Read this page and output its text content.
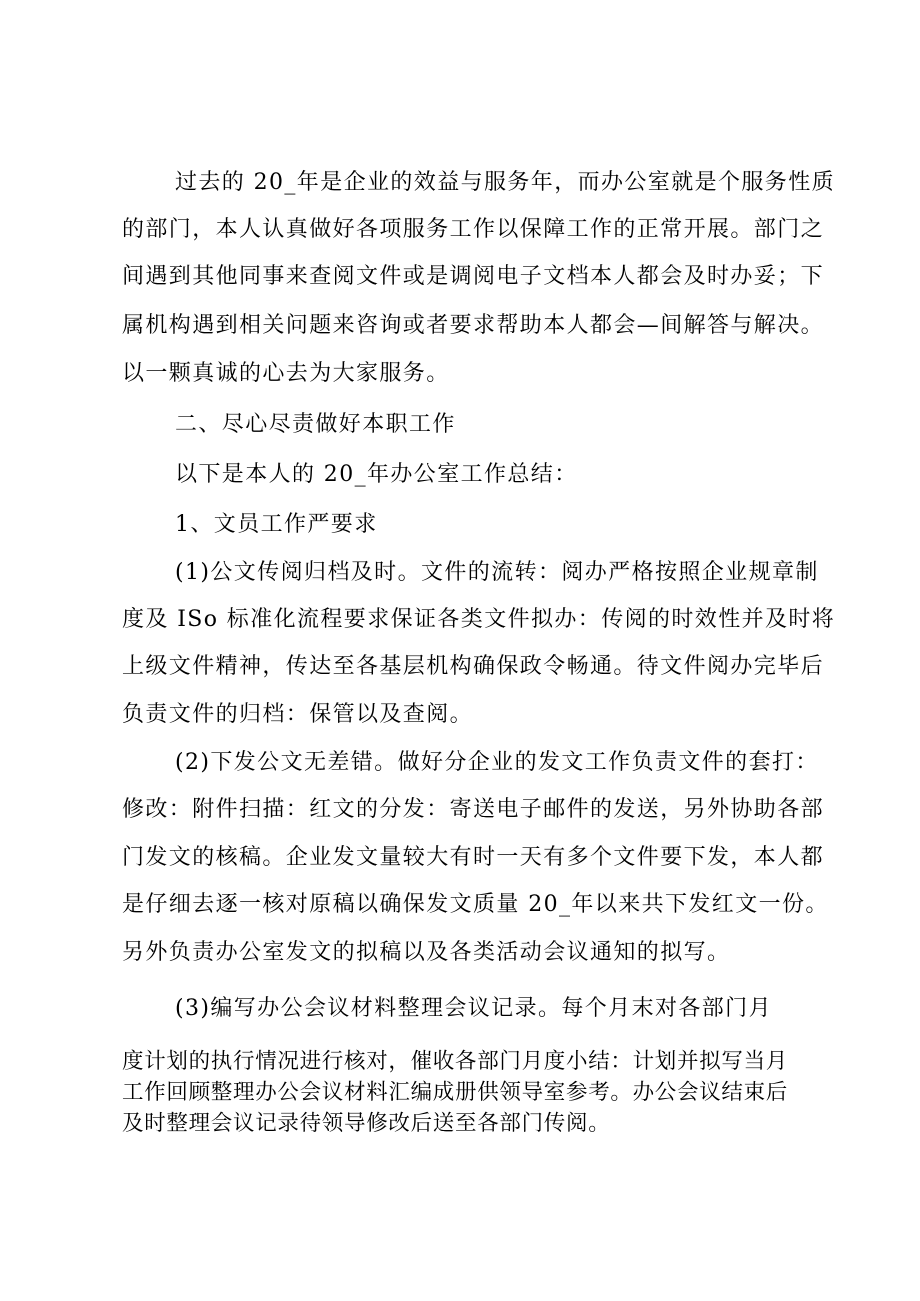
过去的 20_年是企业的效益与服务年，而办公室就是个服务性质
的部门，本人认真做好各项服务工作以保障工作的正常开展。部门之
间遇到其他同事来查阅文件或是调阅电子文档本人都会及时办妥；下
属机构遇到相关问题来咨询或者要求帮助本人都会—间解答与解决。
以一颗真诚的心去为大家服务。
二、尽心尽责做好本职工作
以下是本人的 20_年办公室工作总结：
1、文员工作严要求
(1)公文传阅归档及时。文件的流转：阅办严格按照企业规章制
度及 ISo 标准化流程要求保证各类文件拟办：传阅的时效性并及时将
上级文件精神，传达至各基层机构确保政令畅通。待文件阅办完毕后
负责文件的归档：保管以及查阅。
(2)下发公文无差错。做好分企业的发文工作负责文件的套打：
修改：附件扫描：红文的分发：寄送电子邮件的发送，另外协助各部
门发文的核稿。企业发文量较大有时一天有多个文件要下发，本人都
是仔细去逐一核对原稿以确保发文质量 20_年以来共下发红文一份。
另外负责办公室发文的拟稿以及各类活动会议通知的拟写。
(3)编写办公会议材料整理会议记录。每个月末对各部门月
度计划的执行情况进行核对，催收各部门月度小结：计划并拟写当月
工作回顾整理办公会议材料汇编成册供领导室参考。办公会议结束后
及时整理会议记录待领导修改后送至各部门传阅。
